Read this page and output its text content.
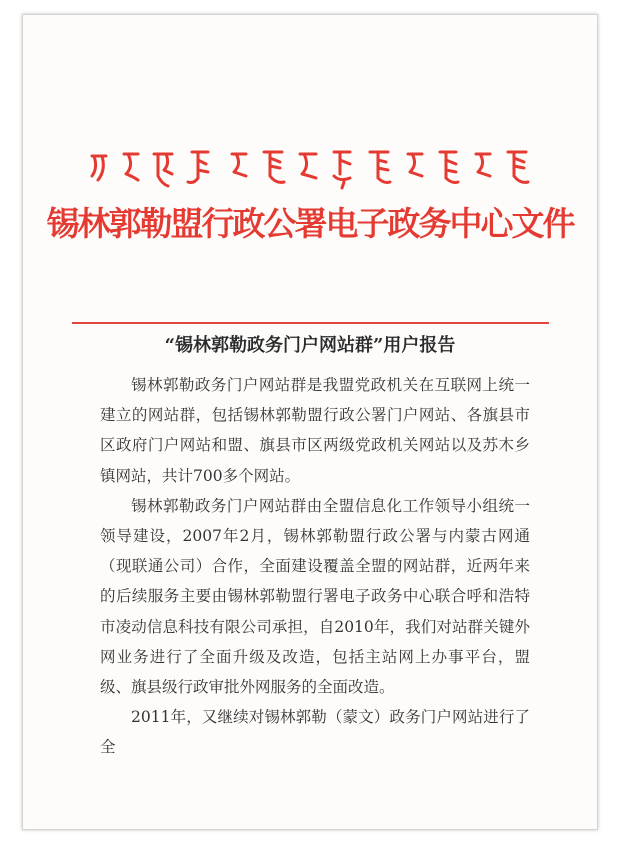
锡林郭勒盟行政公署电子政务中心文件
“锡林郭勒政务门户网站群”用户报告

锡林郭勒政务门户网站群是我盟党政机关在互联网上统一建立的网站群，包括锡林郭勒盟行政公署门户网站、各旗县市区政府门户网站和盟、旗县市区两级党政机关网站以及苏木乡镇网站，共计700多个网站。

锡林郭勒政务门户网站群由全盟信息化工作领导小组统一领导建设，2007年2月，锡林郭勒盟行政公署与内蒙古网通（现联通公司）合作，全面建设覆盖全盟的网站群，近两年来的后续服务主要由锡林郭勒盟行署电子政务中心联合呼和浩特市凌动信息科技有限公司承担，自2010年，我们对站群关键外网业务进行了全面升级及改造，包括主站网上办事平台，盟级、旗县级行政审批外网服务的全面改造。

2011年，又继续对锡林郭勒（蒙文）政务门户网站进行了全
